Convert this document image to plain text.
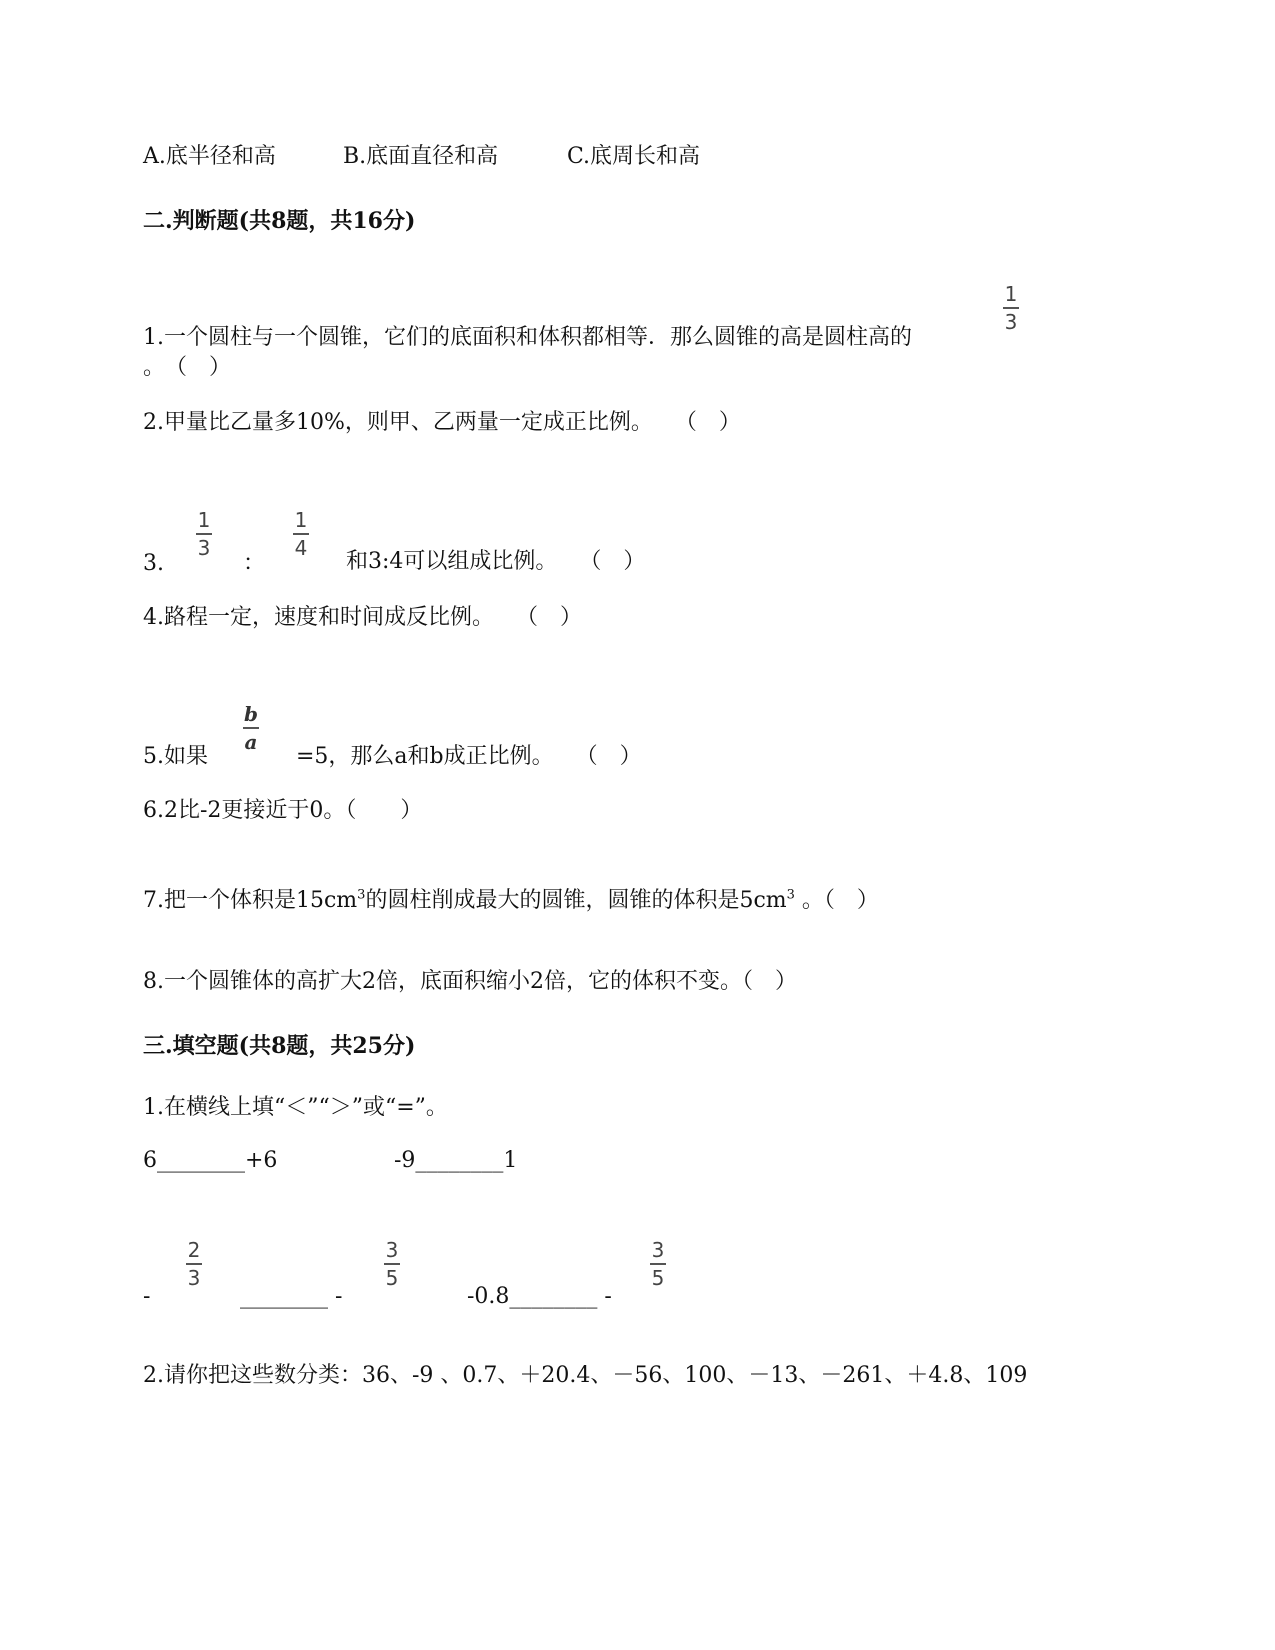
A.底半径和高	B.底面直径和高	C.底周长和高
二.判断题(共8题，共16分)
1
3
1.一个圆柱与一个圆锥，它们的底面积和体积都相等．那么圆锥的高是圆柱高的
。　（　）
2.甲量比乙量多10%，则甲、乙两量一定成正比例。　　（　）
1
3
1
4
3.	：	和3:4可以组成比例。　　（　）
4.路程一定，速度和时间成反比例。　　（　）
b
a
5.如果	=5，那么a和b成正比例。　　（　）
6.2比-2更接近于0。（　　）
7.把一个体积是$15cm^3$的圆柱削成最大的圆锥，圆锥的体积是$5cm^3$ 。（　）
8.一个圆锥体的高扩大2倍，底面积缩小2倍，它的体积不变。（　）
三.填空题(共8题，共25分)
1.在横线上填“＜”“＞”或“=”。
6________+6	-9________1
2
3
3
5
3
5
-	________ -	-0.8________ -
2.请你把这些数分类：36、-9 、0.7、＋20.4、－56、100、－13、－261、＋4.8、109
